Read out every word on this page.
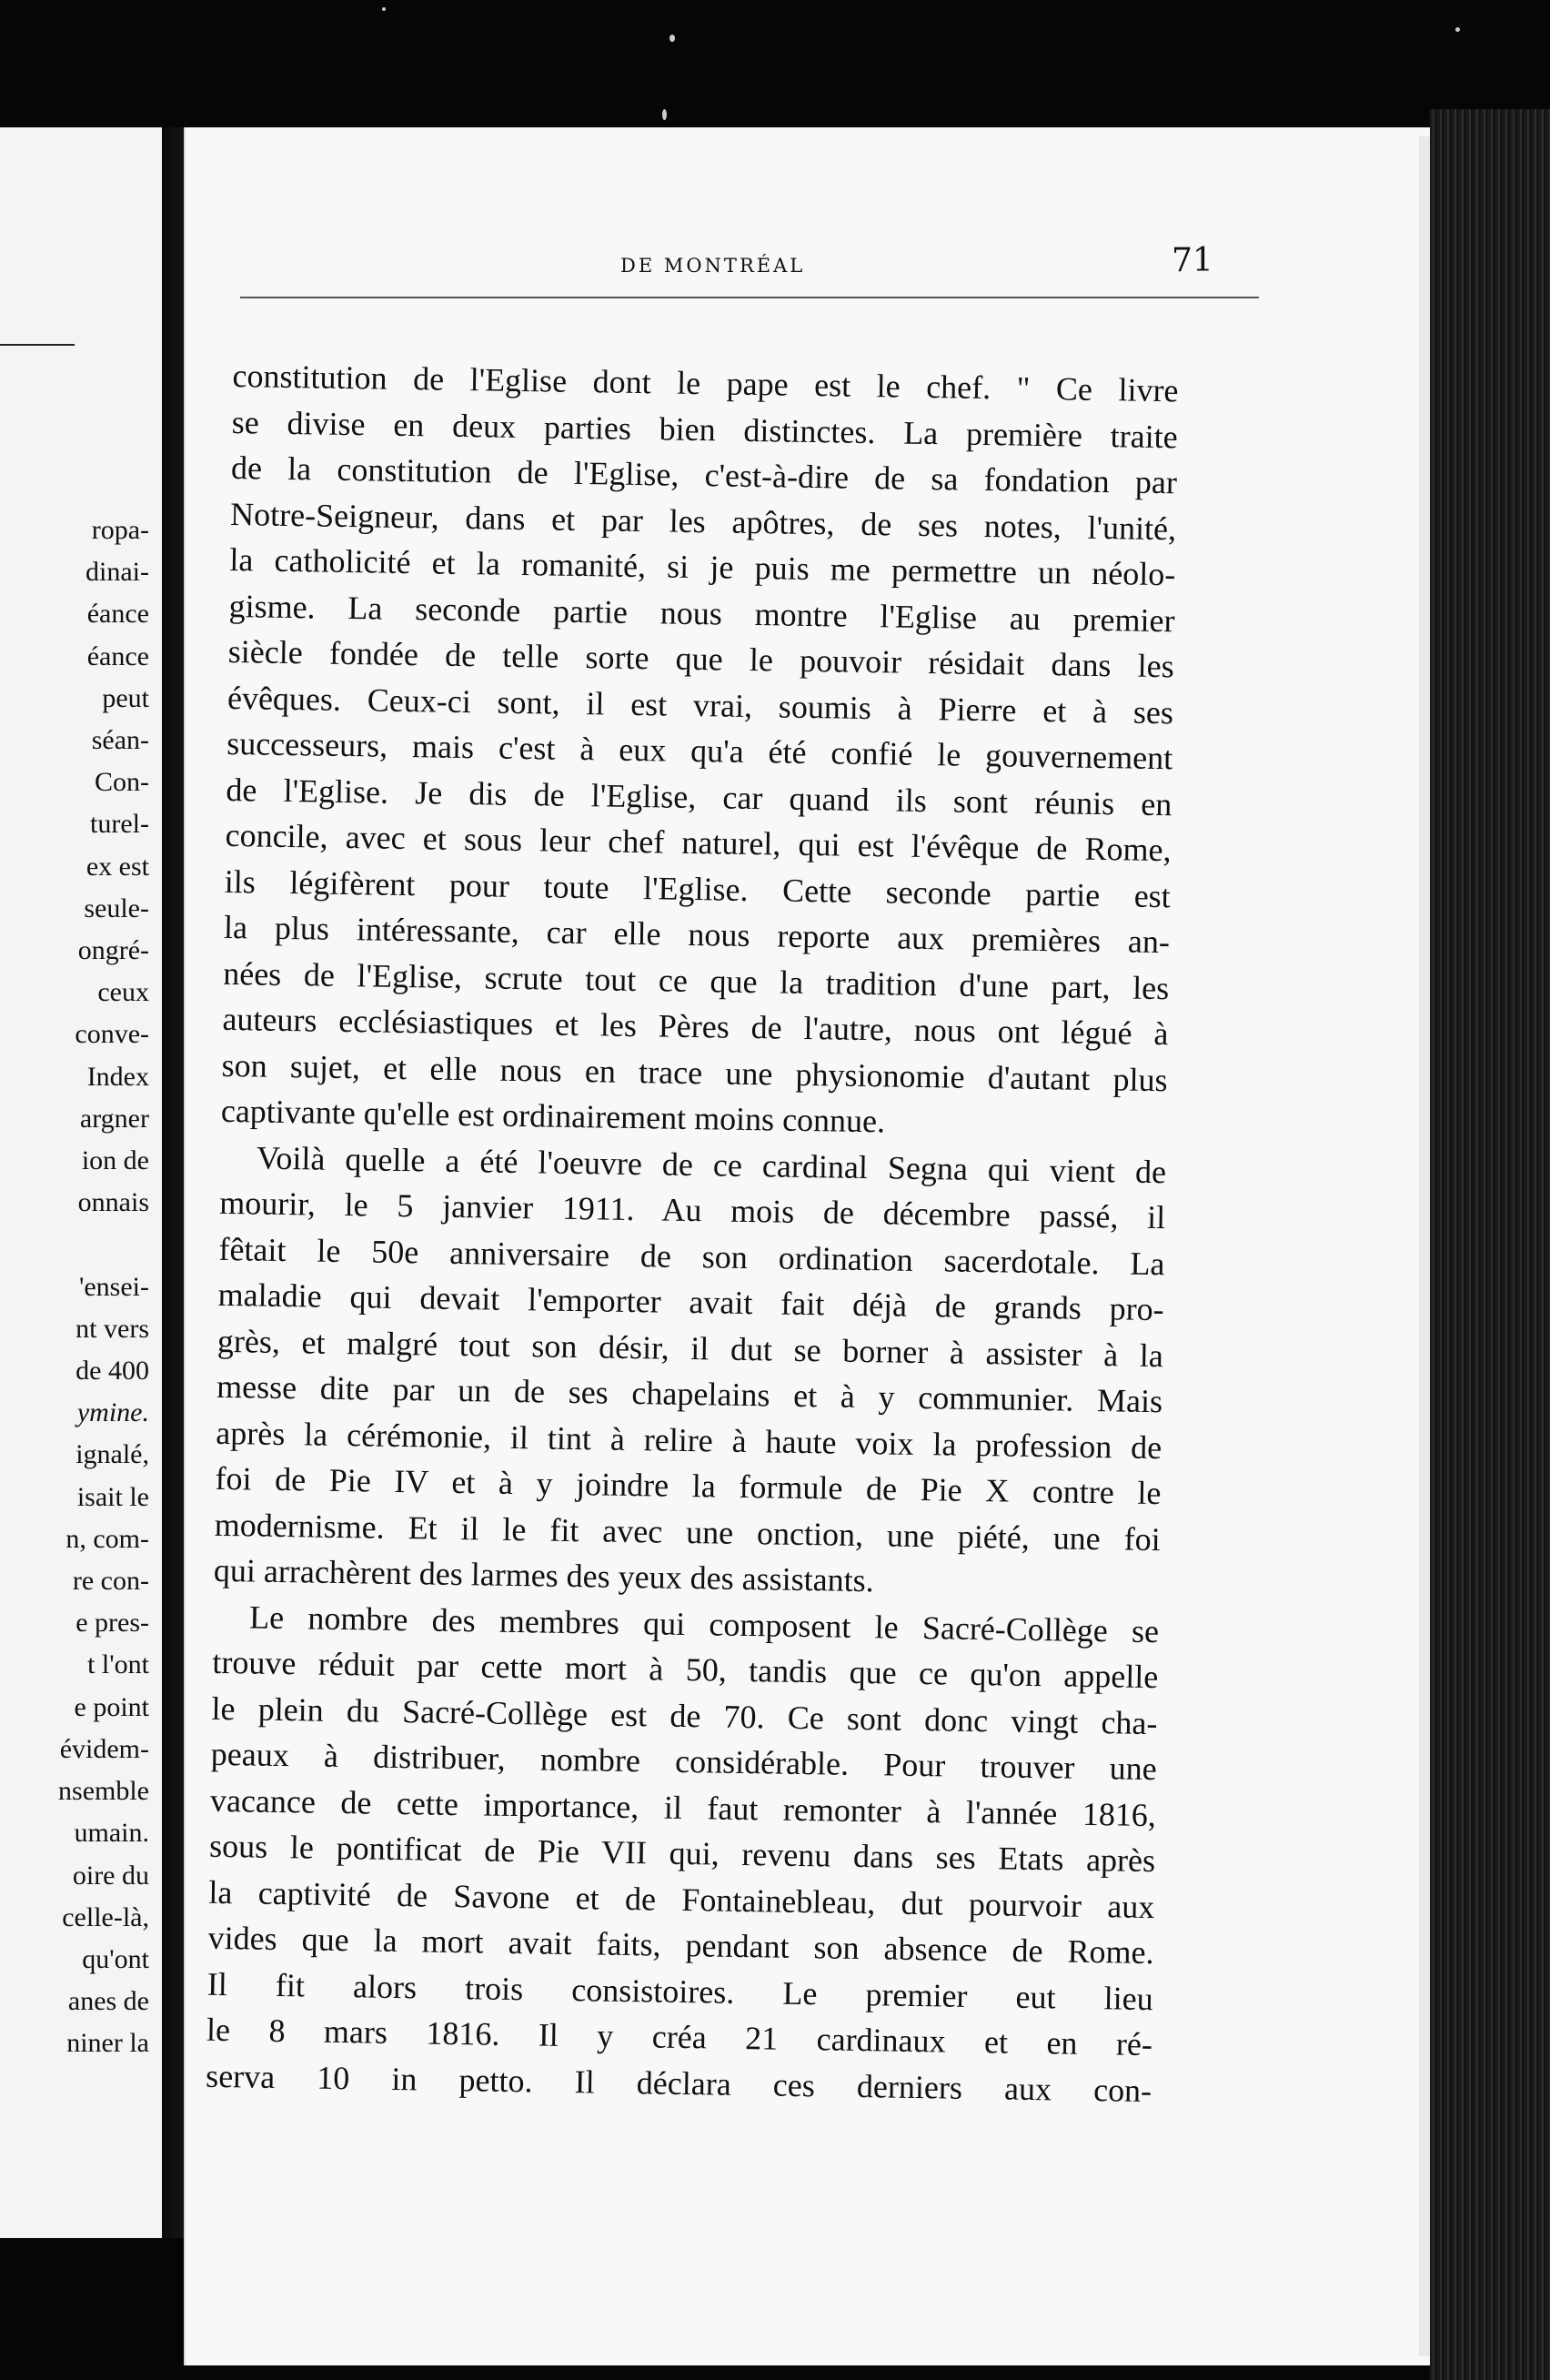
ropa-
dinai-
éance
éance
peut
séan-
Con-
turel-
ex est
seule-
ongré-
ceux
conve-
Index
argner
ion de
onnais

'ensei-
nt vers
de 400
ymine.
ignalé,
isait le
n, com-
re con-
e pres-
t l'ont
e point
évidem-
nsemble
umain.
oire du
celle-là,
qu'ont
anes de
niner la
DE MONTRÉAL	71
constitution de l'Eglise dont le pape est le chef. " Ce livre
se divise en deux parties bien distinctes. La première traite
de la constitution de l'Eglise, c'est-à-dire de sa fondation par
Notre-Seigneur, dans et par les apôtres, de ses notes, l'unité,
la catholicité et la romanité, si je puis me permettre un néolo-
gisme. La seconde partie nous montre l'Eglise au premier
siècle fondée de telle sorte que le pouvoir résidait dans les
évêques. Ceux-ci sont, il est vrai, soumis à Pierre et à ses
successeurs, mais c'est à eux qu'a été confié le gouvernement
de l'Eglise. Je dis de l'Eglise, car quand ils sont réunis en
concile, avec et sous leur chef naturel, qui est l'évêque de Rome,
ils légifèrent pour toute l'Eglise. Cette seconde partie est
la plus intéressante, car elle nous reporte aux premières an-
nées de l'Eglise, scrute tout ce que la tradition d'une part, les
auteurs ecclésiastiques et les Pères de l'autre, nous ont légué à
son sujet, et elle nous en trace une physionomie d'autant plus
captivante qu'elle est ordinairement moins connue.
Voilà quelle a été l'oeuvre de ce cardinal Segna qui vient de
mourir, le 5 janvier 1911. Au mois de décembre passé, il
fêtait le 50e anniversaire de son ordination sacerdotale. La
maladie qui devait l'emporter avait fait déjà de grands pro-
grès, et malgré tout son désir, il dut se borner à assister à la
messe dite par un de ses chapelains et à y communier. Mais
après la cérémonie, il tint à relire à haute voix la profession de
foi de Pie IV et à y joindre la formule de Pie X contre le
modernisme. Et il le fit avec une onction, une piété, une foi
qui arrachèrent des larmes des yeux des assistants.
Le nombre des membres qui composent le Sacré-Collège se
trouve réduit par cette mort à 50, tandis que ce qu'on appelle
le plein du Sacré-Collège est de 70. Ce sont donc vingt cha-
peaux à distribuer, nombre considérable. Pour trouver une
vacance de cette importance, il faut remonter à l'année 1816,
sous le pontificat de Pie VII qui, revenu dans ses Etats après
la captivité de Savone et de Fontainebleau, dut pourvoir aux
vides que la mort avait faits, pendant son absence de Rome.
Il fit alors trois consistoires. Le premier eut lieu
le 8 mars 1816. Il y créa 21 cardinaux et en ré-
serva 10 in petto. Il déclara ces derniers aux con-
